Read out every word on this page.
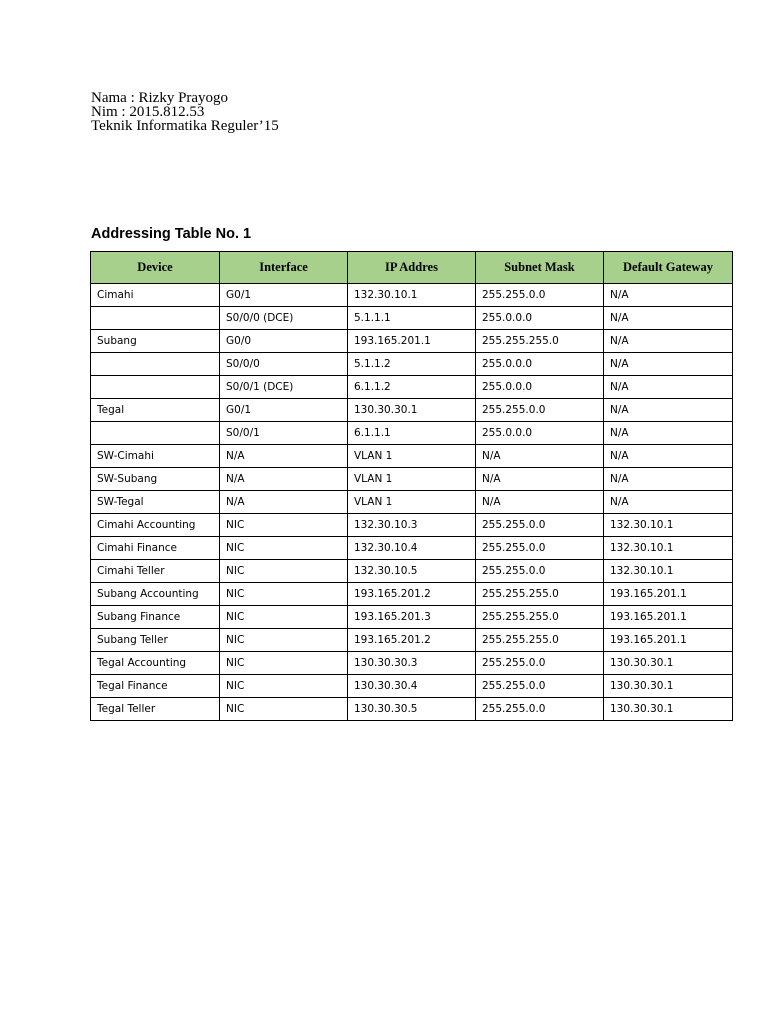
Nama : Rizky Prayogo
Nim : 2015.812.53
Teknik Informatika Reguler’15
Addressing Table No. 1
Device	Interface	IP Addres	Subnet Mask	Default Gateway
Cimahi	G0/1	132.30.10.1	255.255.0.0	N/A
	S0/0/0 (DCE)	5.1.1.1	255.0.0.0	N/A
Subang	G0/0	193.165.201.1	255.255.255.0	N/A
	S0/0/0	5.1.1.2	255.0.0.0	N/A
	S0/0/1 (DCE)	6.1.1.2	255.0.0.0	N/A
Tegal	G0/1	130.30.30.1	255.255.0.0	N/A
	S0/0/1	6.1.1.1	255.0.0.0	N/A
SW-Cimahi	N/A	VLAN 1	N/A	N/A
SW-Subang	N/A	VLAN 1	N/A	N/A
SW-Tegal	N/A	VLAN 1	N/A	N/A
Cimahi Accounting	NIC	132.30.10.3	255.255.0.0	132.30.10.1
Cimahi Finance	NIC	132.30.10.4	255.255.0.0	132.30.10.1
Cimahi Teller	NIC	132.30.10.5	255.255.0.0	132.30.10.1
Subang Accounting	NIC	193.165.201.2	255.255.255.0	193.165.201.1
Subang Finance	NIC	193.165.201.3	255.255.255.0	193.165.201.1
Subang Teller	NIC	193.165.201.2	255.255.255.0	193.165.201.1
Tegal Accounting	NIC	130.30.30.3	255.255.0.0	130.30.30.1
Tegal Finance	NIC	130.30.30.4	255.255.0.0	130.30.30.1
Tegal Teller	NIC	130.30.30.5	255.255.0.0	130.30.30.1
